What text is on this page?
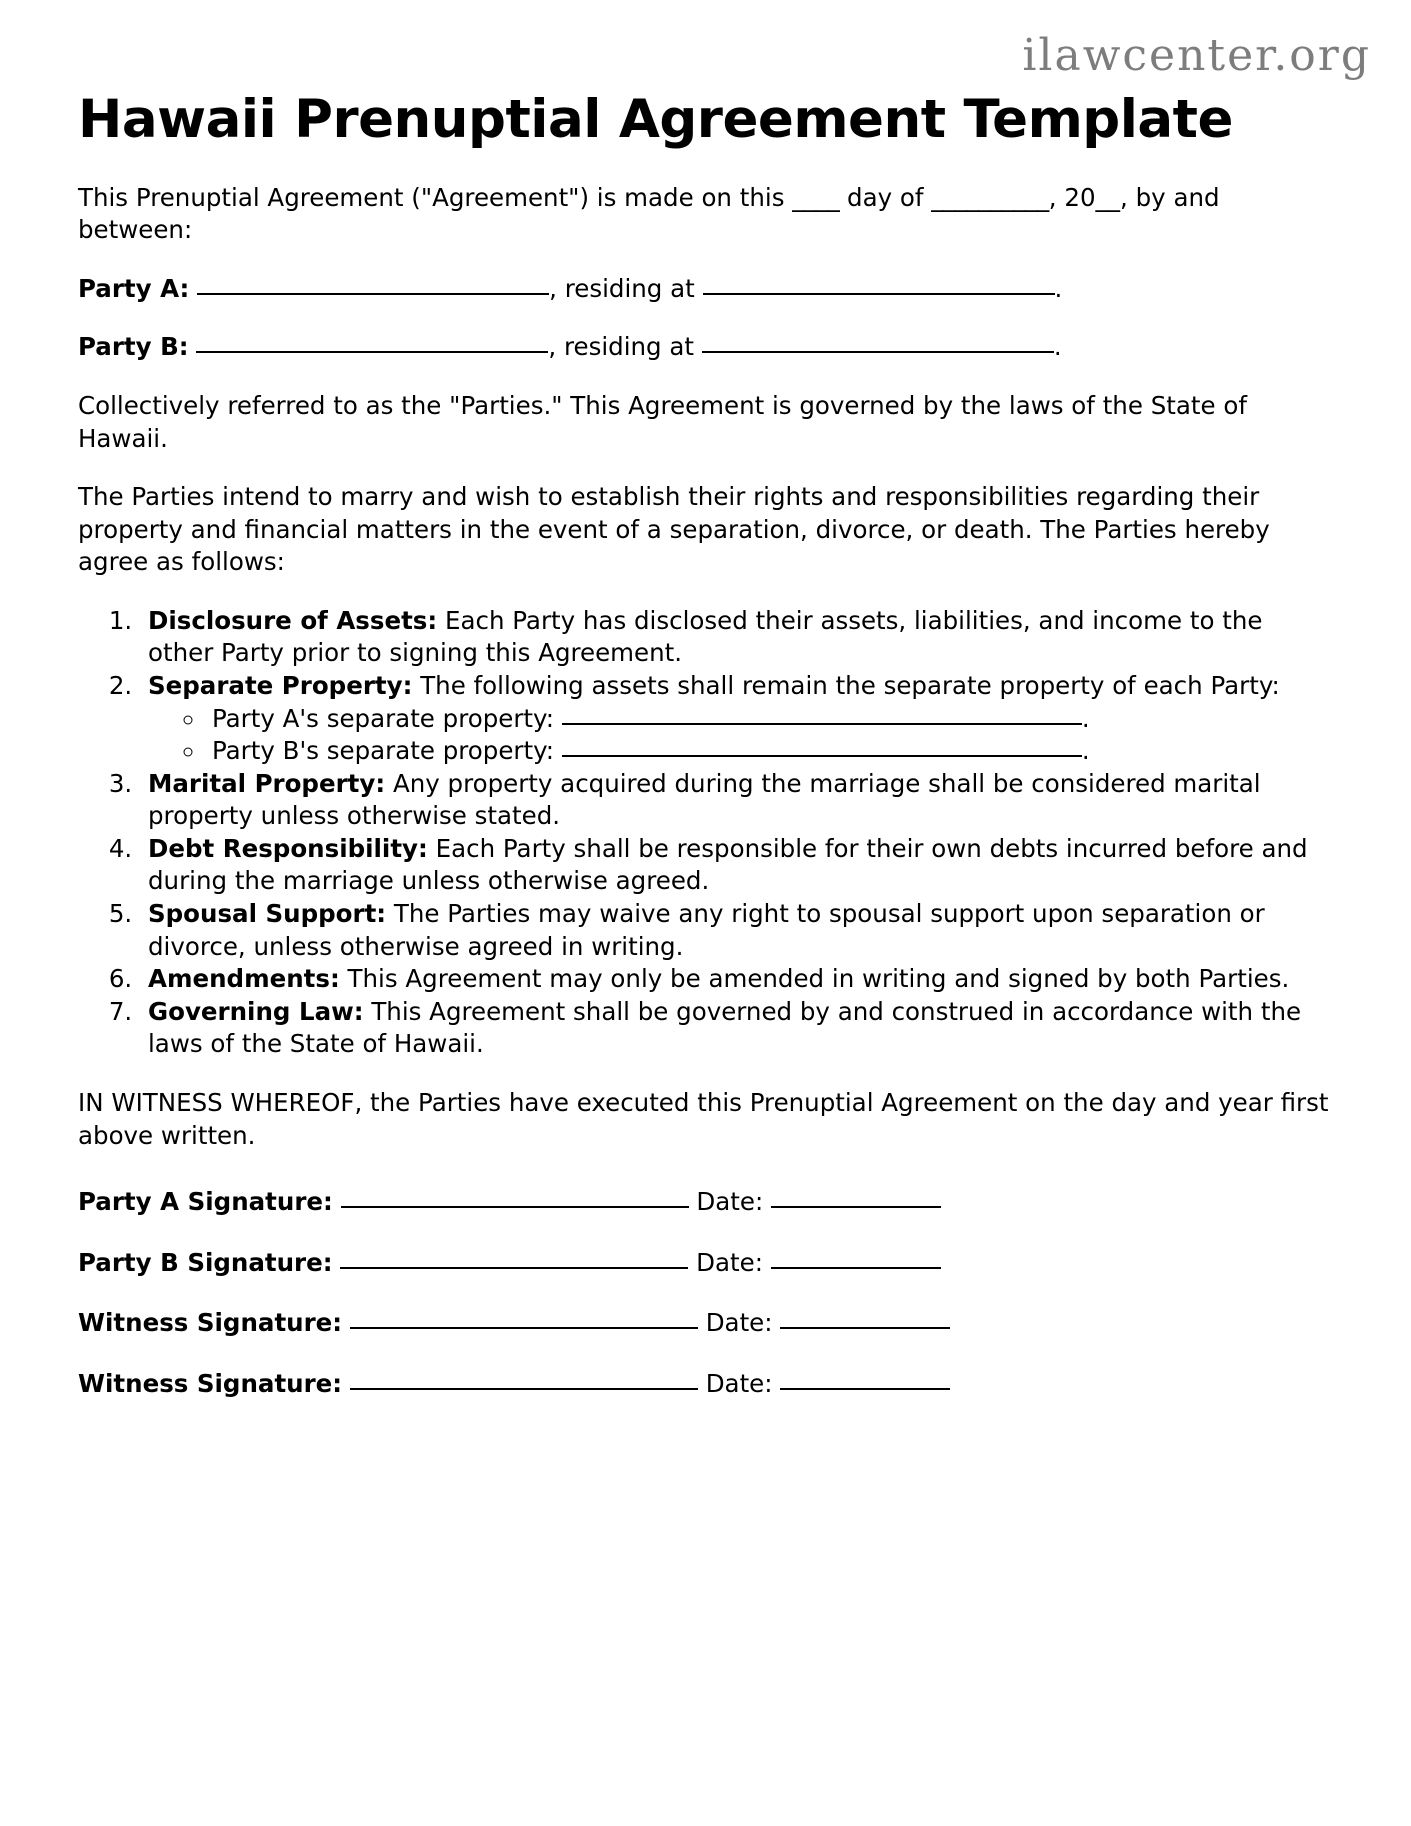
ilawcenter.org
Hawaii Prenuptial Agreement Template

This Prenuptial Agreement ("Agreement") is made on this ____ day of __________, 20__, by and between:

Party A:	, residing at	.

Party B:	, residing at	.

Collectively referred to as the "Parties." This Agreement is governed by the laws of the State of Hawaii.

The Parties intend to marry and wish to establish their rights and responsibilities regarding their property and financial matters in the event of a separation, divorce, or death. The Parties hereby agree as follows:

1. Disclosure of Assets: Each Party has disclosed their assets, liabilities, and income to the other Party prior to signing this Agreement.
2. Separate Property: The following assets shall remain the separate property of each Party:
◦ Party A's separate property:	.
◦ Party B's separate property:	.
3. Marital Property: Any property acquired during the marriage shall be considered marital property unless otherwise stated.
4. Debt Responsibility: Each Party shall be responsible for their own debts incurred before and during the marriage unless otherwise agreed.
5. Spousal Support: The Parties may waive any right to spousal support upon separation or divorce, unless otherwise agreed in writing.
6. Amendments: This Agreement may only be amended in writing and signed by both Parties.
7. Governing Law: This Agreement shall be governed by and construed in accordance with the laws of the State of Hawaii.

IN WITNESS WHEREOF, the Parties have executed this Prenuptial Agreement on the day and year first above written.

Party A Signature:	Date:

Party B Signature:	Date:

Witness Signature:	Date:

Witness Signature:	Date:
